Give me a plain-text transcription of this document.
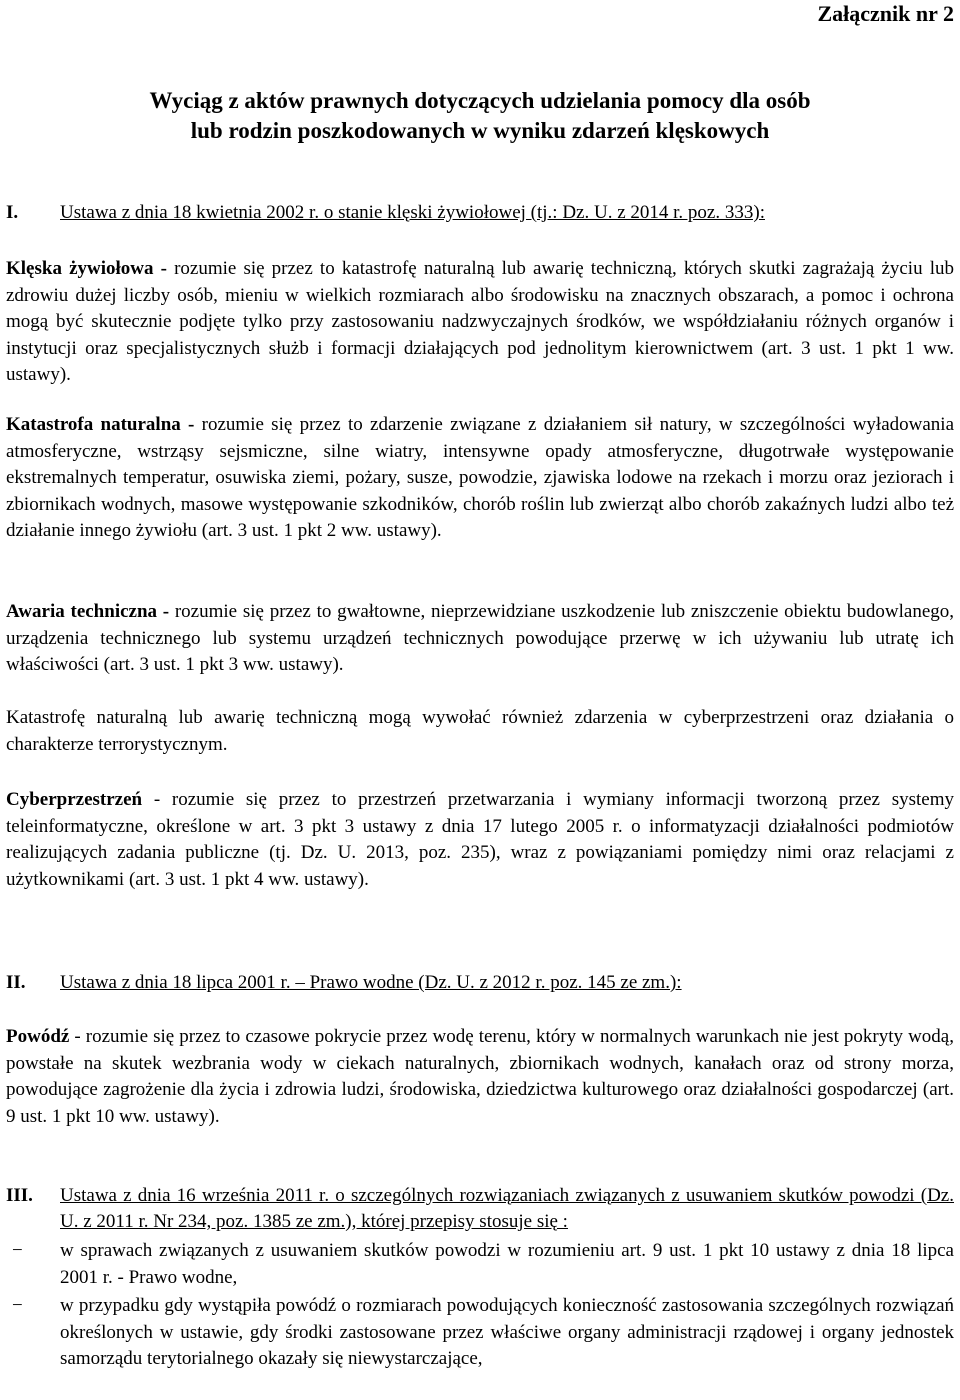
Załącznik nr 2

Wyciąg z aktów prawnych dotyczących udzielania pomocy dla osób
lub rodzin poszkodowanych w wyniku zdarzeń klęskowych
I.	Ustawa z dnia 18 kwietnia 2002 r. o stanie klęski żywiołowej (tj.: Dz. U. z 2014 r. poz. 333):

Klęska żywiołowa - rozumie się przez to katastrofę naturalną lub awarię techniczną, których skutki zagrażają życiu lub zdrowiu dużej liczby osób, mieniu w wielkich rozmiarach albo środowisku na znacznych obszarach, a pomoc i ochrona mogą być skutecznie podjęte tylko przy zastosowaniu nadzwyczajnych środków, we współdziałaniu różnych organów i instytucji oraz specjalistycznych służb i formacji działających pod jednolitym kierownictwem (art. 3 ust. 1 pkt 1 ww. ustawy).

Katastrofa naturalna - rozumie się przez to zdarzenie związane z działaniem sił natury, w szczególności wyładowania atmosferyczne, wstrząsy sejsmiczne, silne wiatry, intensywne opady atmosferyczne, długotrwałe występowanie ekstremalnych temperatur, osuwiska ziemi, pożary, susze, powodzie, zjawiska lodowe na rzekach i morzu oraz jeziorach i zbiornikach wodnych, masowe występowanie szkodników, chorób roślin lub zwierząt albo chorób zakaźnych ludzi albo też działanie innego żywiołu (art. 3 ust. 1 pkt 2 ww. ustawy).

Awaria techniczna - rozumie się przez to gwałtowne, nieprzewidziane uszkodzenie lub zniszczenie obiektu budowlanego, urządzenia technicznego lub systemu urządzeń technicznych powodujące przerwę w ich używaniu lub utratę ich właściwości (art. 3 ust. 1 pkt 3 ww. ustawy).

Katastrofę naturalną lub awarię techniczną mogą wywołać również zdarzenia w cyberprzestrzeni oraz działania o charakterze terrorystycznym.

Cyberprzestrzeń - rozumie się przez to przestrzeń przetwarzania i wymiany informacji tworzoną przez systemy teleinformatyczne, określone w art. 3 pkt 3 ustawy z dnia 17 lutego 2005 r. o informatyzacji działalności podmiotów realizujących zadania publiczne (tj. Dz. U. 2013, poz. 235), wraz z powiązaniami pomiędzy nimi oraz relacjami z użytkownikami (art. 3 ust. 1 pkt 4 ww. ustawy).

II.	Ustawa z dnia 18 lipca 2001 r. – Prawo wodne (Dz. U. z 2012 r. poz. 145 ze zm.):

Powódź - rozumie się przez to czasowe pokrycie przez wodę terenu, który w normalnych warunkach nie jest pokryty wodą, powstałe na skutek wezbrania wody w ciekach naturalnych, zbiornikach wodnych, kanałach oraz od strony morza, powodujące zagrożenie dla życia i zdrowia ludzi, środowiska, dziedzictwa kulturowego oraz działalności gospodarczej (art. 9 ust. 1 pkt 10 ww. ustawy).

III.	Ustawa z dnia 16 września 2011 r. o szczególnych rozwiązaniach związanych z usuwaniem skutków powodzi (Dz. U. z 2011 r. Nr 234, poz. 1385 ze zm.), której przepisy stosuje się :
− w sprawach związanych z usuwaniem skutków powodzi w rozumieniu art. 9 ust. 1 pkt 10 ustawy z dnia 18 lipca 2001 r. - Prawo wodne,
− w przypadku gdy wystąpiła powódź o rozmiarach powodujących konieczność zastosowania szczególnych rozwiązań określonych w ustawie, gdy środki zastosowane przez właściwe organy administracji rządowej i organy jednostek samorządu terytorialnego okazały się niewystarczające,
